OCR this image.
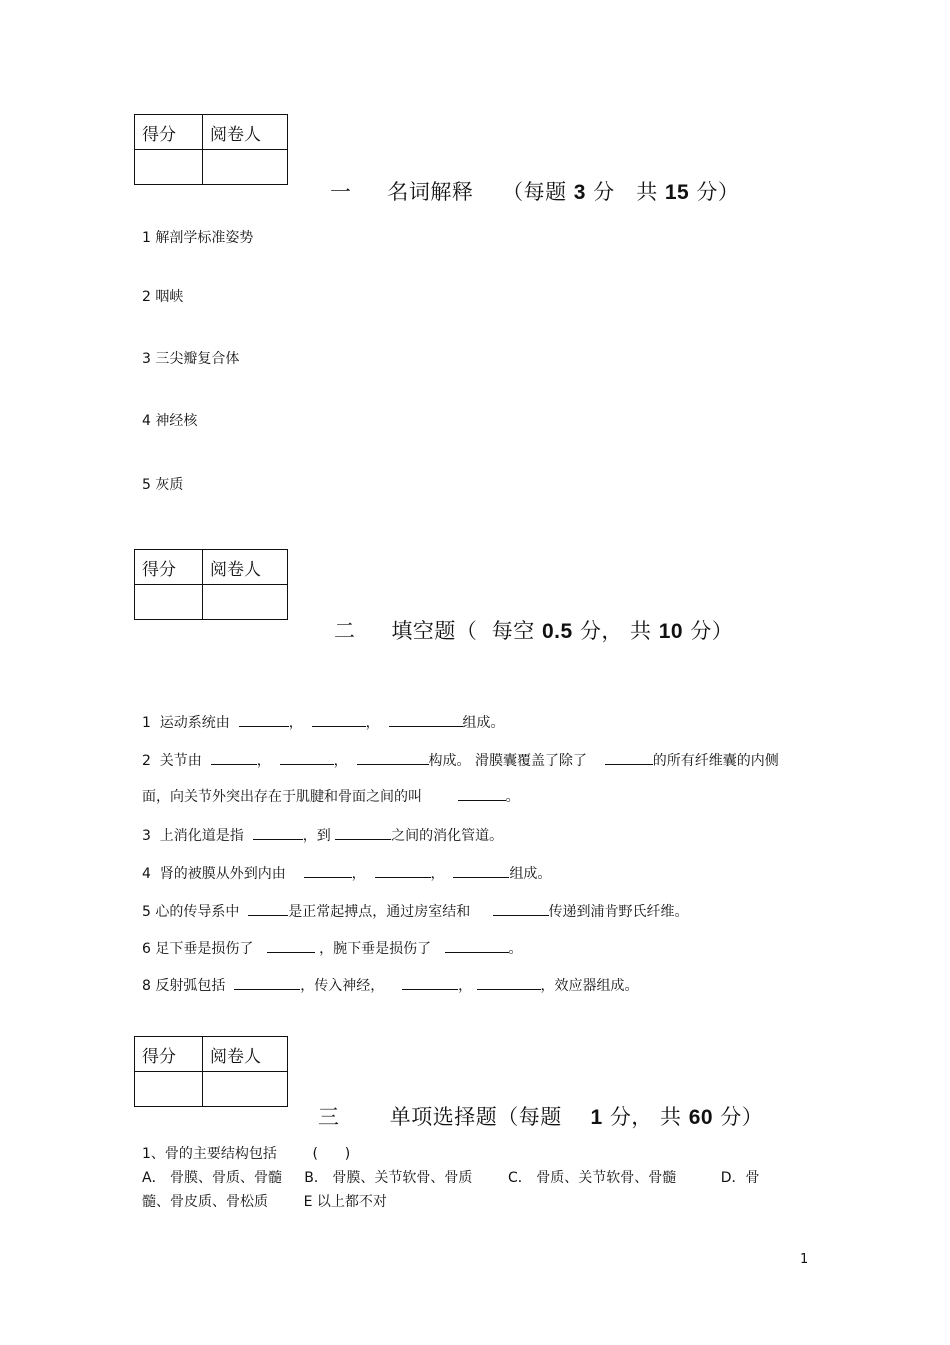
得分	阅卷人

一 名词解释 （每题 3 分 共 15 分）
1 解剖学标准姿势
2 咽峡
3 三尖瓣复合体
4 神经核
5 灰质
得分	阅卷人

二 填空题（ 每空 0.5 分， 共 10 分）
1  运动系统由	，	，	组成。
2  关节由	，	，	构成。 滑膜囊覆盖了除了	的所有纤维囊的内侧
面，向关节外突出存在于肌腱和骨面之间的叫	。
3  上消化道是指	，到	之间的消化管道。
4  肾的被膜从外到内由	，	，	组成。
5 心的传导系中	是正常起搏点，通过房室结和	传递到浦肯野氏纤维。
6 足下垂是损伤了	，腕下垂是损伤了	。
8 反射弧包括	，传入神经，	，	，效应器组成。
得分	阅卷人

三 单项选择题（每题 1 分， 共 60 分）
1、骨的主要结构包括	(      )
A． 骨膜、骨质、骨髓 B． 骨膜、关节软骨、骨质	C． 骨质、关节软骨、骨髓	D．骨
髓、骨皮质、骨松质	E 以上都不对
1
